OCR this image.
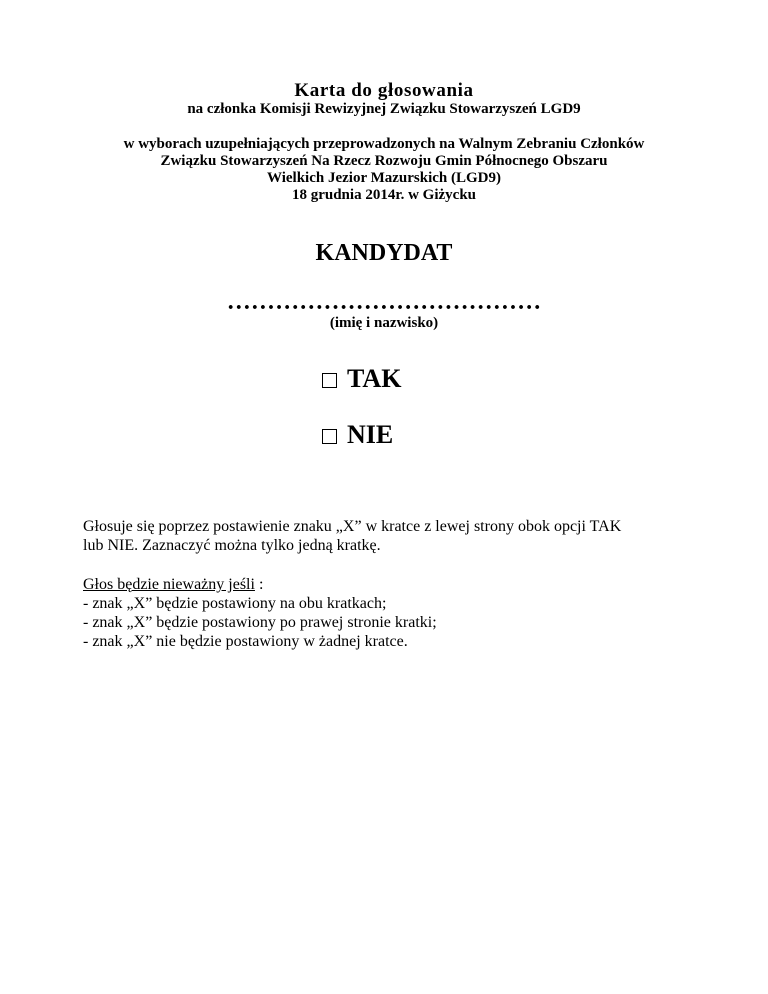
Karta do głosowania
na członka Komisji Rewizyjnej Związku Stowarzyszeń LGD9
w wyborach uzupełniających przeprowadzonych na Walnym Zebraniu Członków
Związku Stowarzyszeń Na Rzecz Rozwoju Gmin Północnego Obszaru
Wielkich Jezior Mazurskich (LGD9)
18 grudnia 2014r. w Giżycku
KANDYDAT
…………………………………
(imię i nazwisko)
TAK
NIE
Głosuje się poprzez postawienie znaku „X” w kratce z lewej strony obok opcji TAK
lub NIE. Zaznaczyć można tylko jedną kratkę.
Głos będzie nieważny jeśli :
- znak „X” będzie postawiony na obu kratkach;
- znak „X” będzie postawiony po prawej stronie kratki;
- znak „X” nie będzie postawiony w żadnej kratce.
